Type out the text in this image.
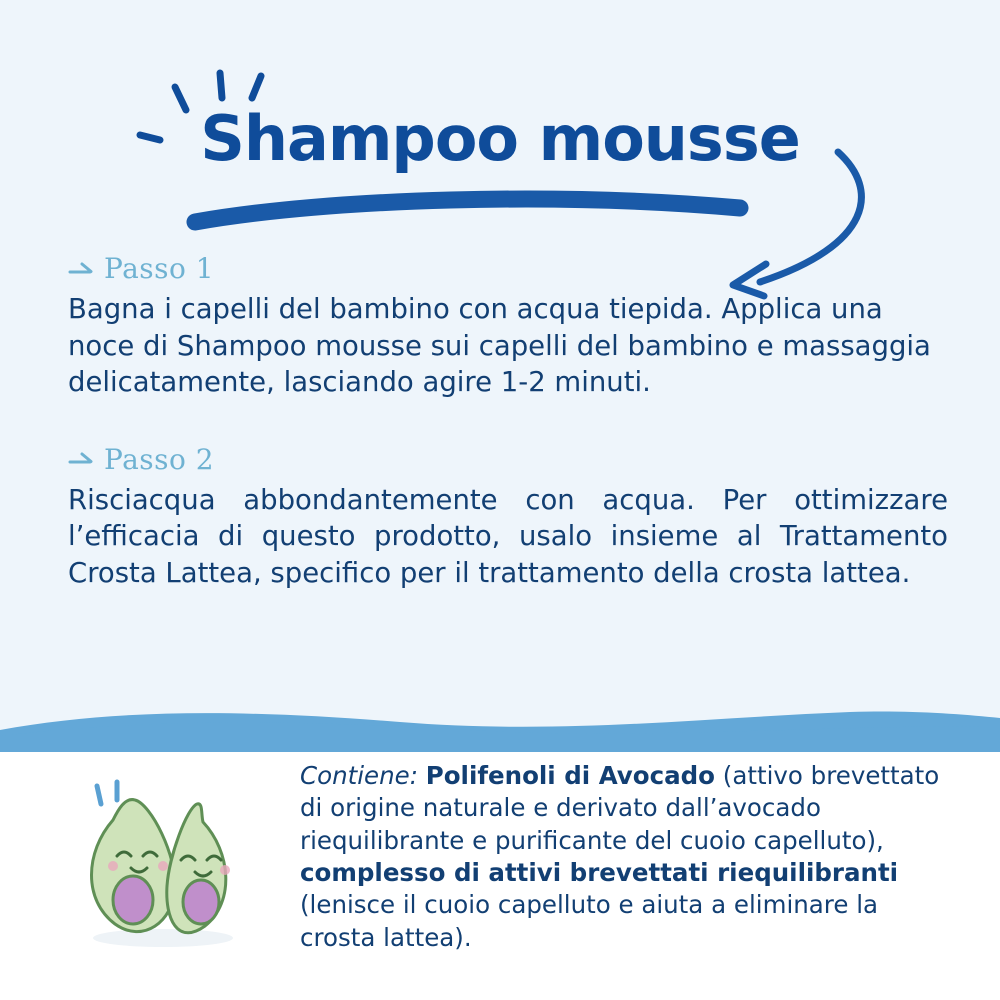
Shampoo mousse
Passo 1
Bagna i capelli del bambino con acqua tiepida. Applica una noce di Shampoo mousse sui capelli del bambino e massaggia delicatamente, lasciando agire 1-2 minuti.
Passo 2
Risciacqua abbondantemente con acqua. Per ottimizzare l’efficacia di questo prodotto, usalo insieme al Trattamento Crosta Lattea, specifico per il trattamento della crosta lattea.
Contiene: Polifenoli di Avocado (attivo brevettato di origine naturale e derivato dall’avocado riequilibrante e purificante del cuoio capelluto), complesso di attivi brevettati riequilibranti (lenisce il cuoio capelluto e aiuta a eliminare la crosta lattea).
